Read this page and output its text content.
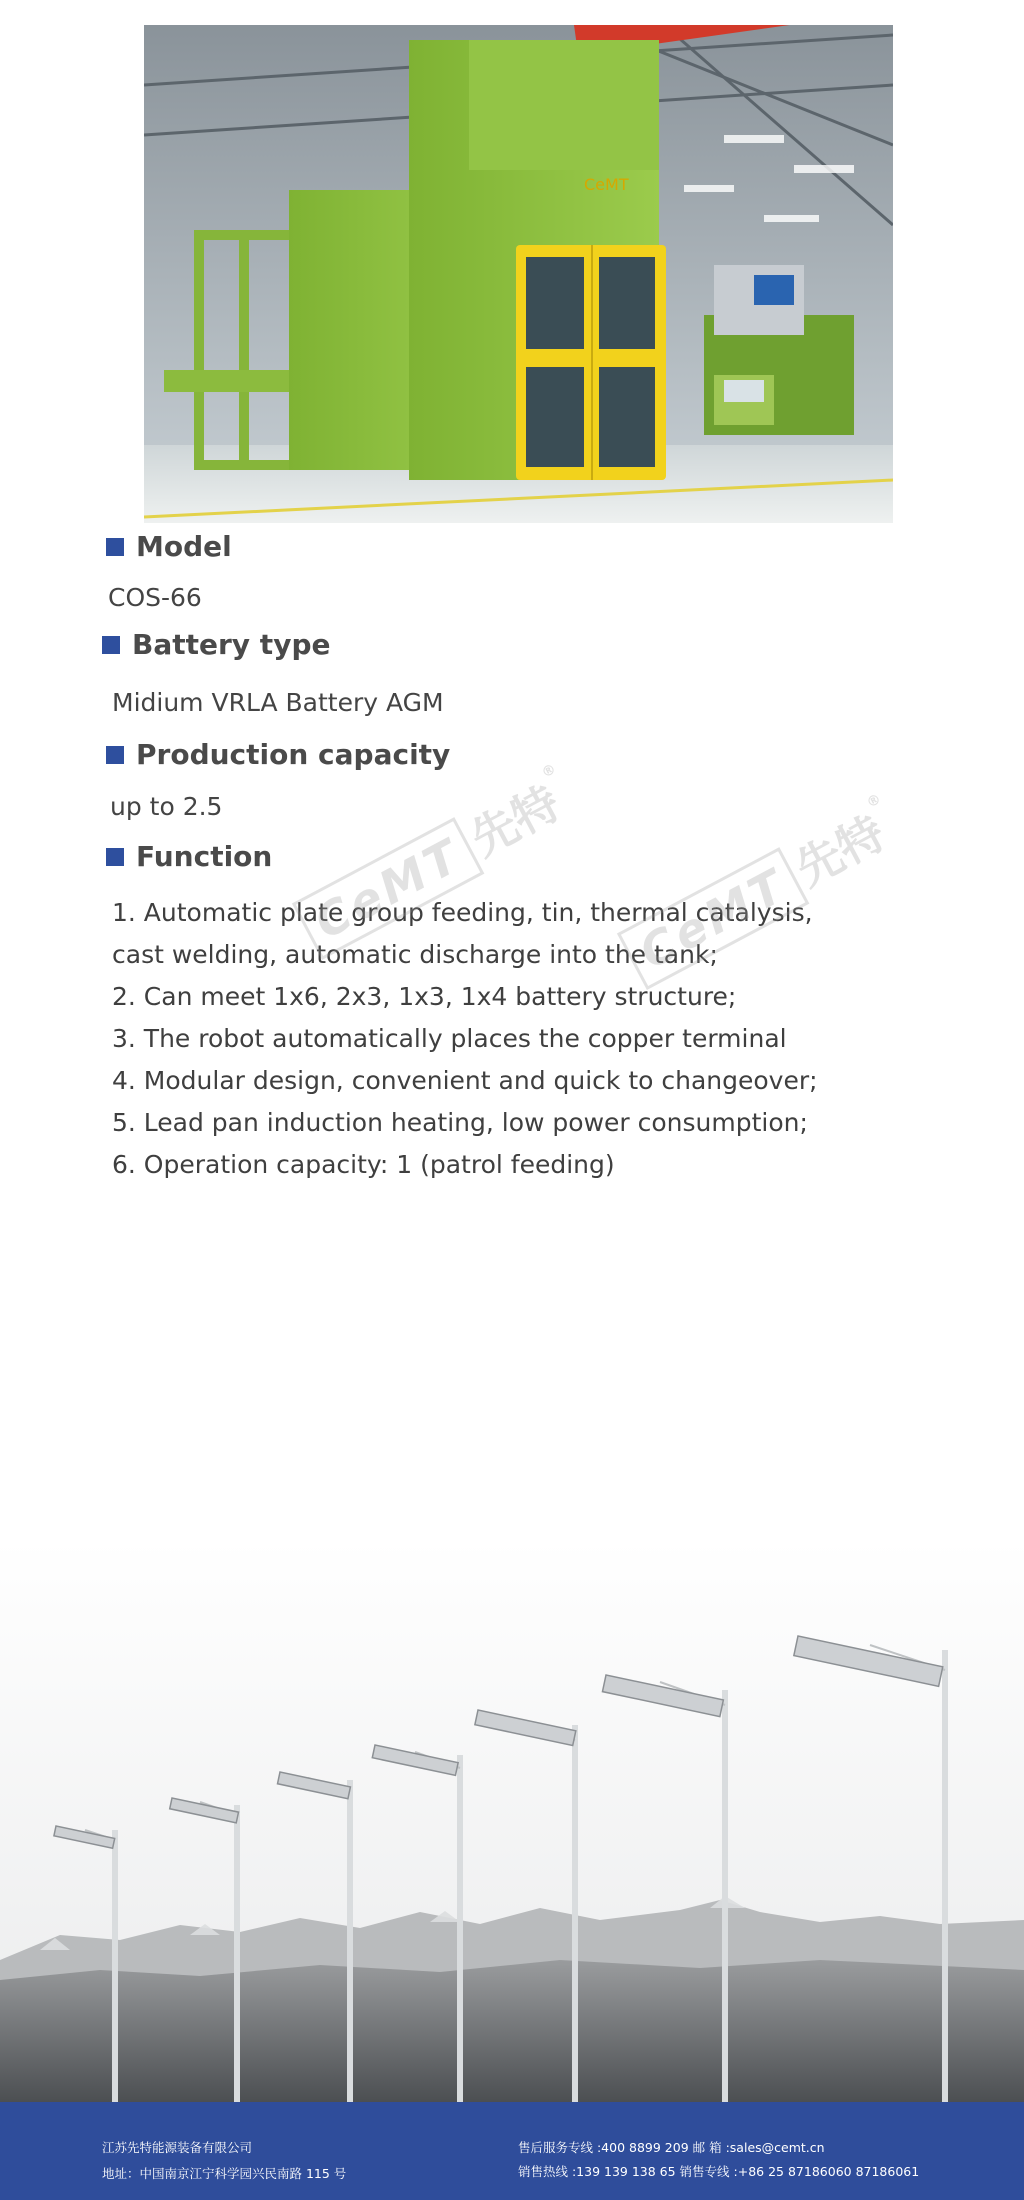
CeMT
Model
COS-66
Battery type
Midium VRLA Battery AGM
Production capacity
up to 2.5
Function
1. Automatic plate group feeding, tin, thermal catalysis,
cast welding, automatic discharge into the tank;
2. Can meet 1x6, 2x3, 1x3, 1x4 battery structure;
3. The robot automatically places the copper terminal
4. Modular design, convenient and quick to changeover;
5. Lead pan induction heating, low power consumption;
6. Operation capacity: 1 (patrol feeding)
CeMT先特®
CeMT先特®
江苏先特能源装备有限公司
地址：中国南京江宁科学园兴民南路 115 号
售后服务专线 :400 8899 209 邮 箱 :sales@cemt.cn
销售热线 :139 139 138 65 销售专线 :+86 25 87186060 87186061
